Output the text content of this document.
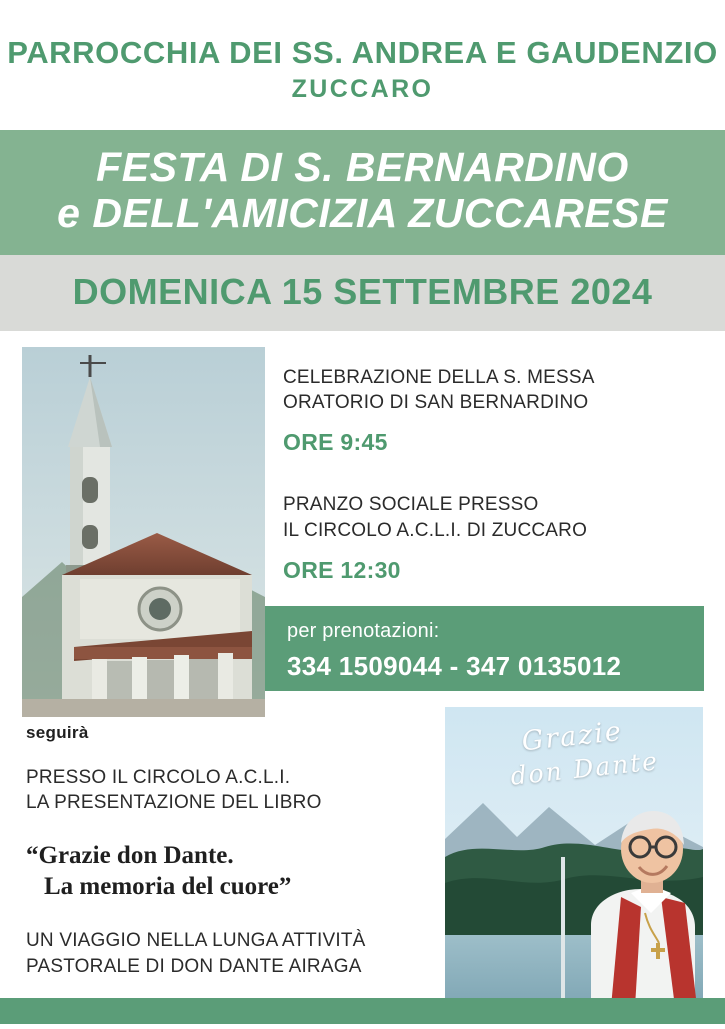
PARROCCHIA DEI SS. ANDREA E GAUDENZIO
ZUCCARO
FESTA DI S. BERNARDINO
e DELL'AMICIZIA ZUCCARESE
DOMENICA 15 SETTEMBRE 2024
CELEBRAZIONE DELLA S. MESSA
ORATORIO DI SAN BERNARDINO
ORE 9:45
PRANZO SOCIALE PRESSO
IL CIRCOLO A.C.L.I. DI ZUCCARO
ORE 12:30
per prenotazioni:
334 1509044 - 347 0135012
seguirà
PRESSO IL CIRCOLO A.C.L.I.
LA PRESENTAZIONE DEL LIBRO
“Grazie don Dante.
La memoria del cuore”
UN VIAGGIO NELLA LUNGA ATTIVITÀ
PASTORALE DI DON DANTE AIRAGA
Grazie
don Dante
